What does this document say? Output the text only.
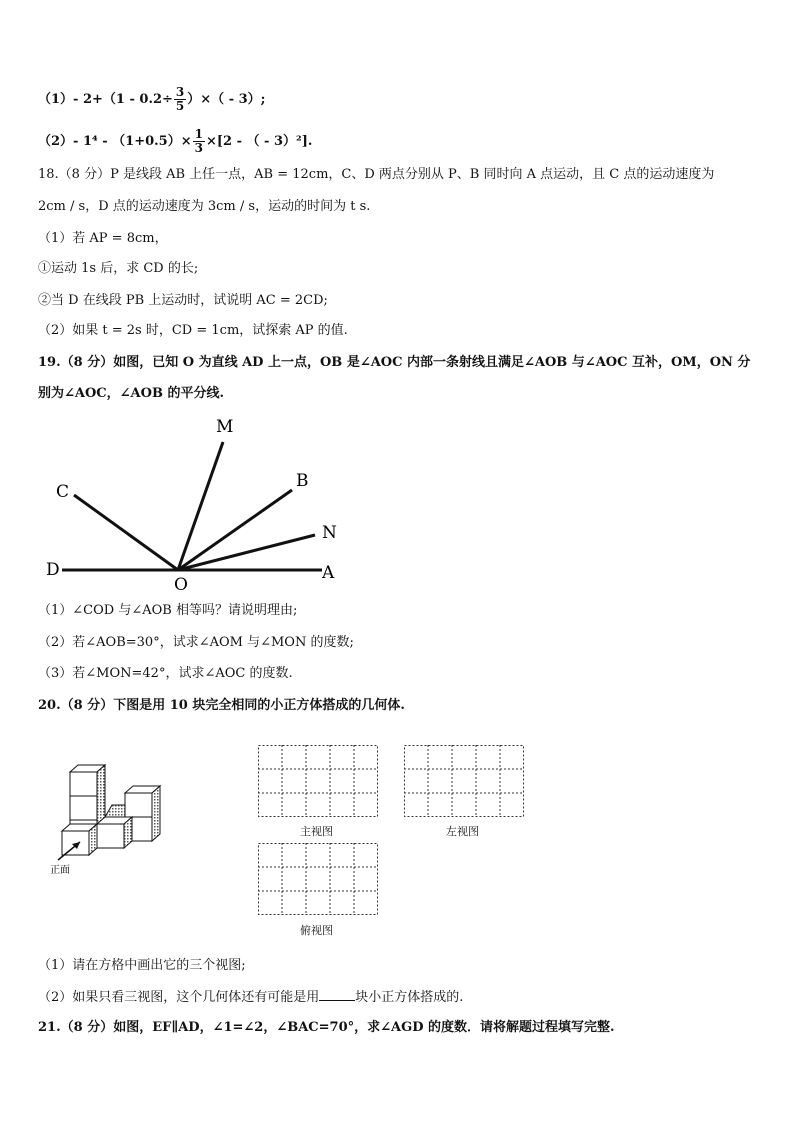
（1）- $2+(1 - 0.2\div \frac{3}{5}$ ）×（ - 3）;
（2）- $1^4 - (1+0.5)\times \frac{1}{3} \times[2$ - （ - 3）²].
18.（8 分）P 是线段 AB 上任一点，AB = 12cm，C、D 两点分别从 P、B 同时向 A 点运动，且 C 点的运动速度为
2cm / s，D 点的运动速度为 3cm / s，运动的时间为 t s.
（1）若 AP = 8cm，
①运动 1s 后，求 CD 的长;
②当 D 在线段 PB 上运动时，试说明 AC = 2CD;
（2）如果 t = 2s 时，CD = 1cm，试探索 AP 的值.
19.（8 分）如图，已知 O 为直线 AD 上一点，OB 是∠AOC 内部一条射线且满足∠AOB 与∠AOC 互补，OM，ON 分
别为∠AOC，∠AOB 的平分线.
M
C
B
N
D
O
A
（1）∠COD 与∠AOB 相等吗？请说明理由;
（2）若∠AOB=30°，试求∠AOM 与∠MON 的度数;
（3）若∠MON=42°，试求∠AOC 的度数.
20.（8 分）下图是用 10 块完全相同的小正方体搭成的几何体.
正面
主视图	左视图
俯视图
（1）请在方格中画出它的三个视图;
（2）如果只看三视图，这个几何体还有可能是用	块小正方体搭成的.
21.（8 分）如图，EF∥AD，∠1=∠2，∠BAC=70°，求∠AGD 的度数．请将解题过程填写完整.
